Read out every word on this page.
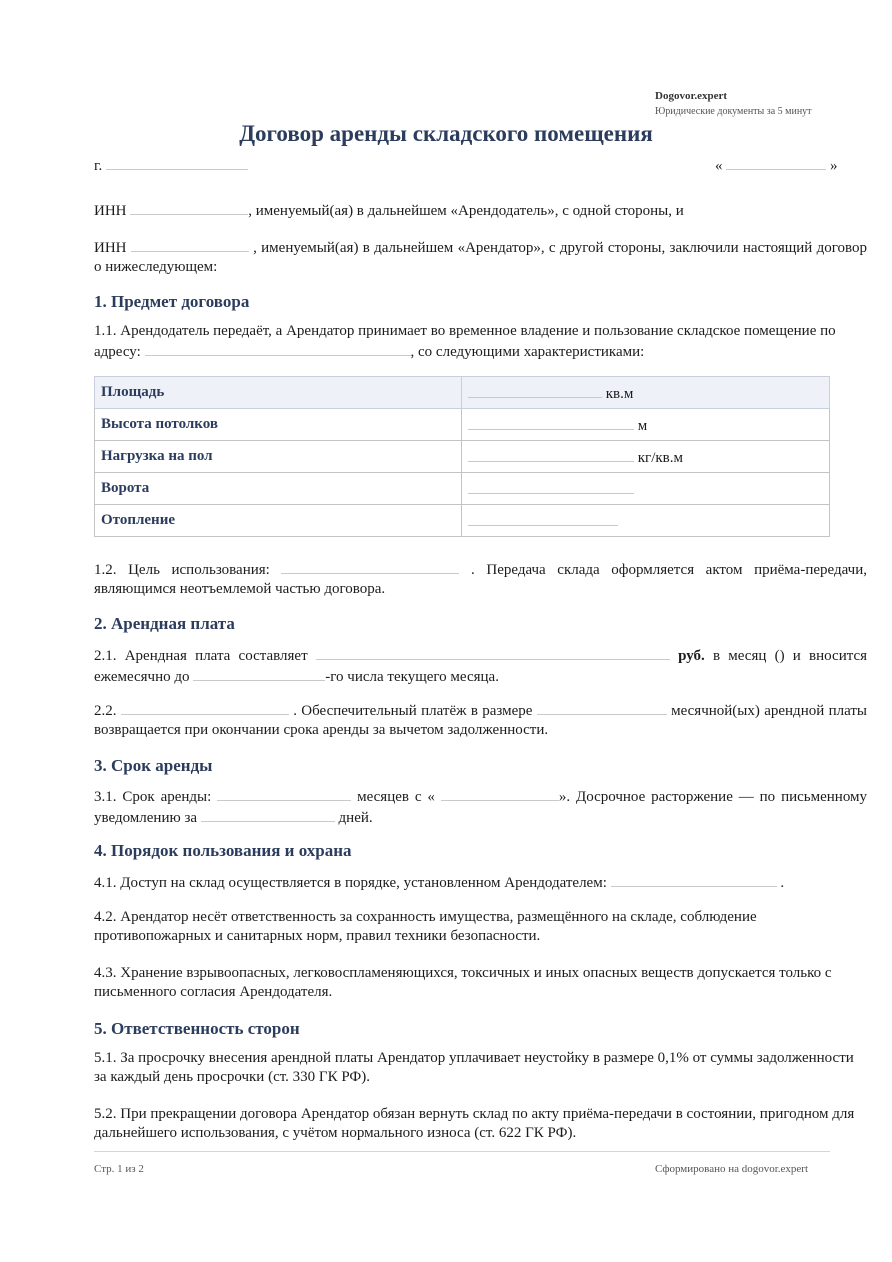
Dogovor.expert
Юридические документы за 5 минут
Договор аренды складского помещения
г.	«	»

ИНН	, именуемый(ая) в дальнейшем «Арендодатель», с одной стороны, и

ИНН	, именуемый(ая) в дальнейшем «Арендатор», с другой стороны, заключили настоящий договор о нижеследующем:

1. Предмет договора

1.1. Арендодатель передаёт, а Арендатор принимает во временное владение и пользование складское помещение по адресу:	, со следующими характеристиками:

Площадь	кв.м
Высота потолков	м
Нагрузка на пол	кг/кв.м
Ворота	
Отопление	

1.2. Цель использования:	. Передача склада оформляется актом приёма-передачи, являющимся неотъемлемой частью договора.

2. Арендная плата

2.1. Арендная плата составляет	руб. в месяц () и вносится ежемесячно до	-го числа текущего месяца.

2.2.	. Обеспечительный платёж в размере	месячной(ых) арендной платы возвращается при окончании срока аренды за вычетом задолженности.

3. Срок аренды

3.1. Срок аренды:	месяцев с «	». Досрочное расторжение — по письменному уведомлению за	дней.

4. Порядок пользования и охрана

4.1. Доступ на склад осуществляется в порядке, установленном Арендодателем:	.

4.2. Арендатор несёт ответственность за сохранность имущества, размещённого на складе, соблюдение противопожарных и санитарных норм, правил техники безопасности.

4.3. Хранение взрывоопасных, легковоспламеняющихся, токсичных и иных опасных веществ допускается только с письменного согласия Арендодателя.

5. Ответственность сторон

5.1. За просрочку внесения арендной платы Арендатор уплачивает неустойку в размере 0,1% от суммы задолженности за каждый день просрочки (ст. 330 ГК РФ).

5.2. При прекращении договора Арендатор обязан вернуть склад по акту приёма-передачи в состоянии, пригодном для дальнейшего использования, с учётом нормального износа (ст. 622 ГК РФ).

Стр. 1 из 2	Сформировано на dogovor.expert
